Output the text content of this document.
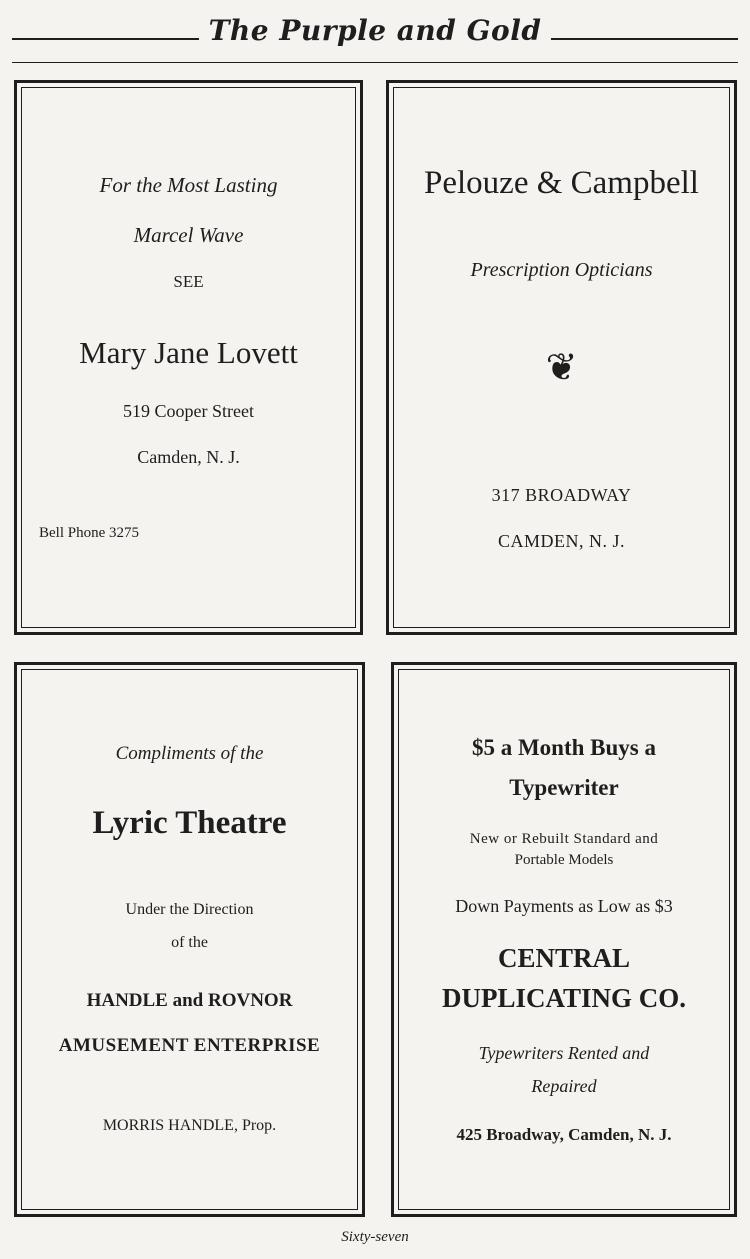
The Purple and Gold
For the Most Lasting
Marcel Wave
SEE
Mary Jane Lovett
519 Cooper Street
Camden, N. J.
Bell Phone 3275
Pelouze & Campbell
Prescription Opticians
❦
317 BROADWAY
CAMDEN, N. J.
Compliments of the
Lyric Theatre
Under the Direction
of the
HANDLE and ROVNOR
AMUSEMENT ENTERPRISE
MORRIS HANDLE, Prop.
$5 a Month Buys a
Typewriter
New or Rebuilt Standard and
Portable Models
Down Payments as Low as $3
CENTRAL
DUPLICATING CO.
Typewriters Rented and
Repaired
425 Broadway, Camden, N. J.
Sixty-seven
